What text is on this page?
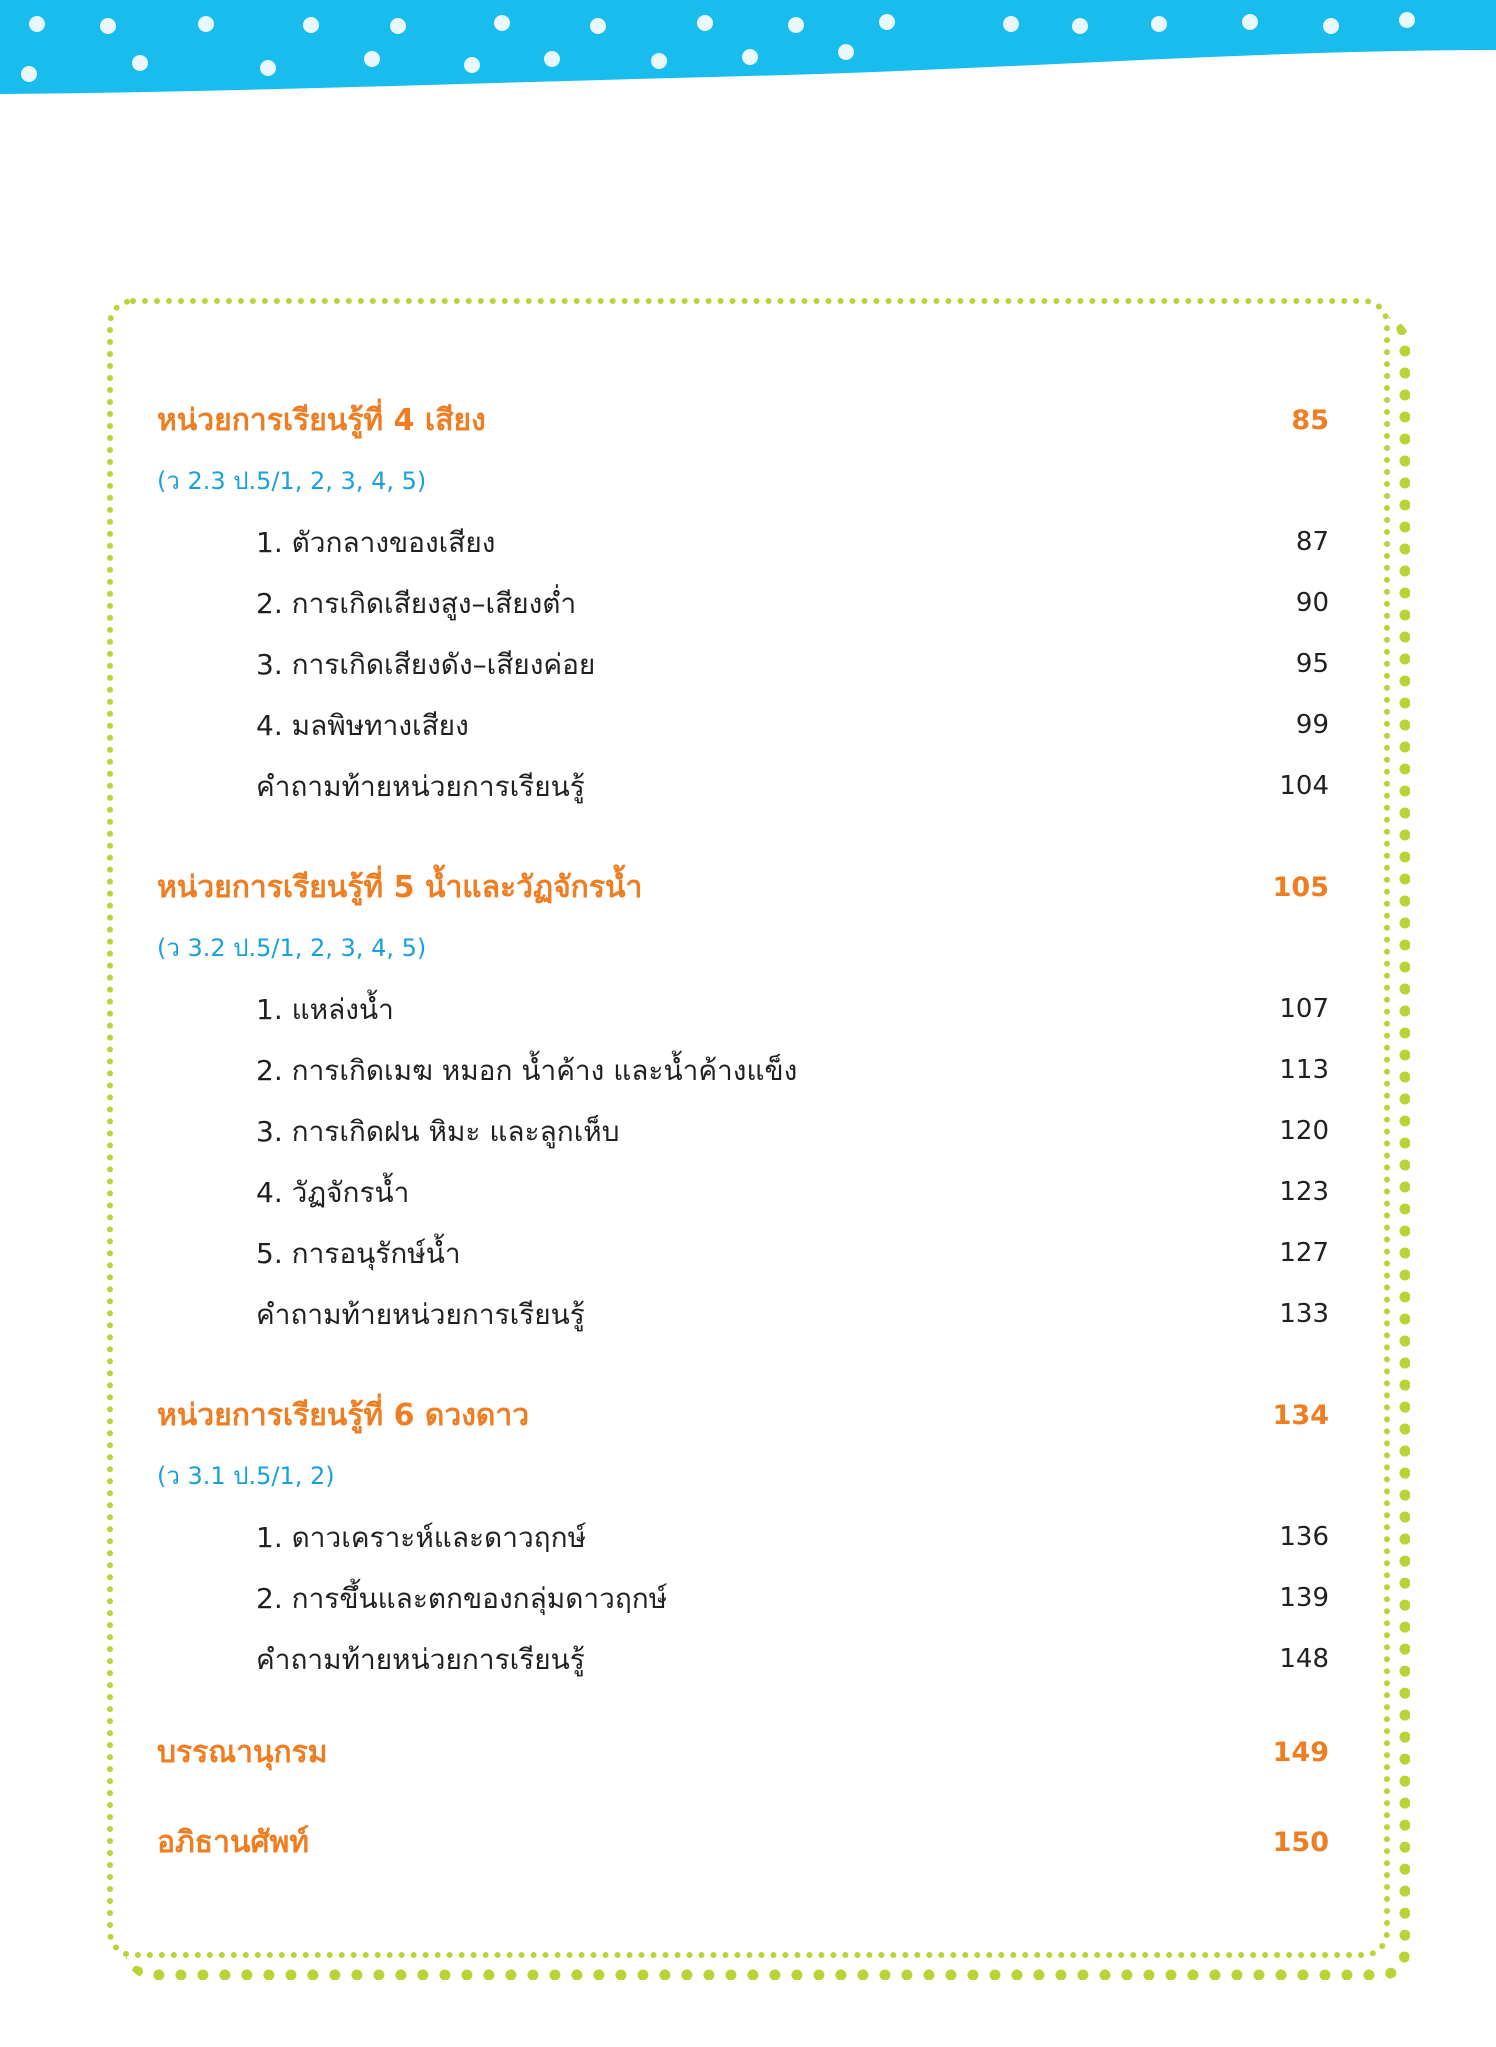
หน่วยการเรียนรู้ที่ 4 เสียง	85
(ว 2.3 ป.5/1, 2, 3, 4, 5)
1. ตัวกลางของเสียง	87
2. การเกิดเสียงสูง–เสียงต่ำ	90
3. การเกิดเสียงดัง–เสียงค่อย	95
4. มลพิษทางเสียง	99
คำถามท้ายหน่วยการเรียนรู้	104
หน่วยการเรียนรู้ที่ 5 น้ำและวัฏจักรน้ำ	105
(ว 3.2 ป.5/1, 2, 3, 4, 5)
1. แหล่งน้ำ	107
2. การเกิดเมฆ หมอก น้ำค้าง และน้ำค้างแข็ง	113
3. การเกิดฝน หิมะ และลูกเห็บ	120
4. วัฏจักรน้ำ	123
5. การอนุรักษ์น้ำ	127
คำถามท้ายหน่วยการเรียนรู้	133
หน่วยการเรียนรู้ที่ 6 ดวงดาว	134
(ว 3.1 ป.5/1, 2)
1. ดาวเคราะห์และดาวฤกษ์	136
2. การขึ้นและตกของกลุ่มดาวฤกษ์	139
คำถามท้ายหน่วยการเรียนรู้	148
บรรณานุกรม	149
อภิธานศัพท์	150
